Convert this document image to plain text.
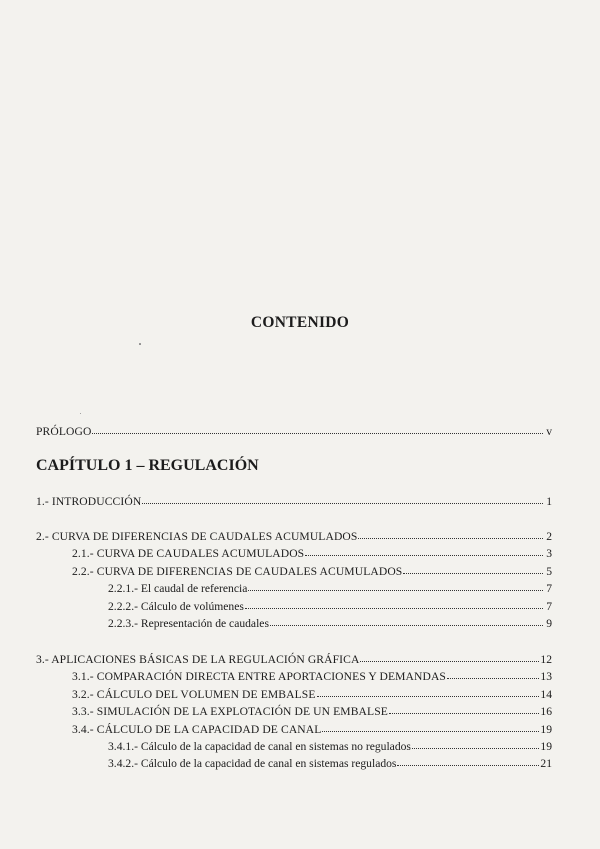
CONTENIDO
PRÓLOGO	v
CAPÍTULO 1 – REGULACIÓN
1.- INTRODUCCIÓN	1
2.- CURVA DE DIFERENCIAS DE CAUDALES ACUMULADOS	2
2.1.- CURVA DE CAUDALES ACUMULADOS	3
2.2.- CURVA DE DIFERENCIAS DE CAUDALES ACUMULADOS	5
2.2.1.- El caudal de referencia	7
2.2.2.- Cálculo de volúmenes	7
2.2.3.- Representación de caudales	9
3.- APLICACIONES BÁSICAS DE LA REGULACIÓN GRÁFICA	12
3.1.- COMPARACIÓN DIRECTA ENTRE APORTACIONES Y DEMANDAS	13
3.2.- CÁLCULO DEL VOLUMEN DE EMBALSE	14
3.3.- SIMULACIÓN DE LA EXPLOTACIÓN DE UN EMBALSE	16
3.4.- CÁLCULO DE LA CAPACIDAD DE CANAL	19
3.4.1.- Cálculo de la capacidad de canal en sistemas no regulados	19
3.4.2.- Cálculo de la capacidad de canal en sistemas regulados	21
